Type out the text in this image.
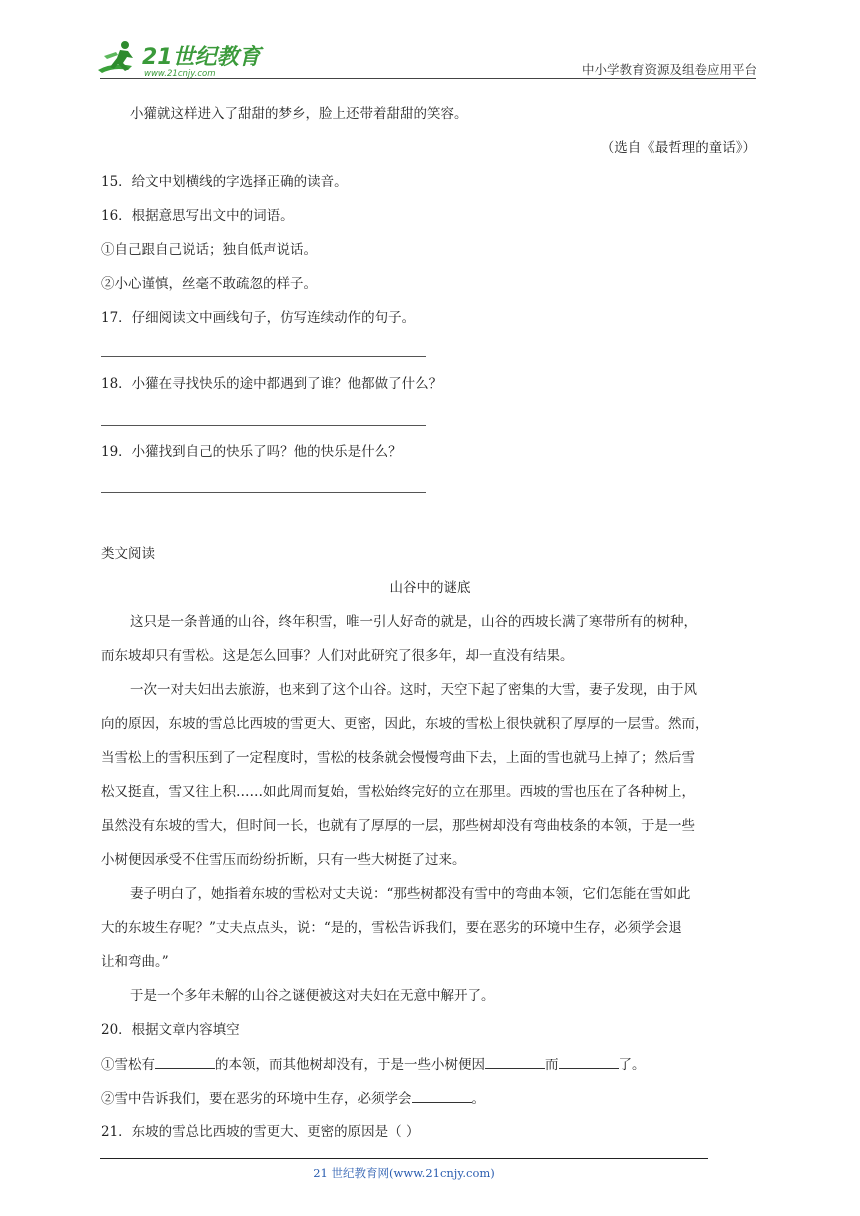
21世纪教育
www.21cnjy.com	中小学教育资源及组卷应用平台
小獾就这样进入了甜甜的梦乡，脸上还带着甜甜的笑容。
（选自《最哲理的童话》）
15．给文中划横线的字选择正确的读音。
16．根据意思写出文中的词语。
①自己跟自己说话；独自低声说话。
②小心谨慎，丝毫不敢疏忽的样子。
17．仔细阅读文中画线句子，仿写连续动作的句子。
18．小獾在寻找快乐的途中都遇到了谁？他都做了什么？
19．小獾找到自己的快乐了吗？他的快乐是什么？
类文阅读
山谷中的谜底
这只是一条普通的山谷，终年积雪，唯一引人好奇的就是，山谷的西坡长满了寒带所有的树种，
而东坡却只有雪松。这是怎么回事？人们对此研究了很多年，却一直没有结果。
一次一对夫妇出去旅游，也来到了这个山谷。这时，天空下起了密集的大雪，妻子发现，由于风
向的原因，东坡的雪总比西坡的雪更大、更密，因此，东坡的雪松上很快就积了厚厚的一层雪。然而，
当雪松上的雪积压到了一定程度时，雪松的枝条就会慢慢弯曲下去，上面的雪也就马上掉了；然后雪
松又挺直，雪又往上积……如此周而复始，雪松始终完好的立在那里。西坡的雪也压在了各种树上，
虽然没有东坡的雪大，但时间一长，也就有了厚厚的一层，那些树却没有弯曲枝条的本领，于是一些
小树便因承受不住雪压而纷纷折断，只有一些大树挺了过来。
妻子明白了，她指着东坡的雪松对丈夫说：“那些树都没有雪中的弯曲本领，它们怎能在雪如此
大的东坡生存呢？”丈夫点点头，说：“是的，雪松告诉我们，要在恶劣的环境中生存，必须学会退
让和弯曲。”
于是一个多年未解的山谷之谜便被这对夫妇在无意中解开了。
20．根据文章内容填空
①雪松有	的本领，而其他树却没有，于是一些小树便因	而	了。
②雪中告诉我们，要在恶劣的环境中生存，必须学会	。
21．东坡的雪总比西坡的雪更大、更密的原因是（ ）
21 世纪教育网(www.21cnjy.com)
